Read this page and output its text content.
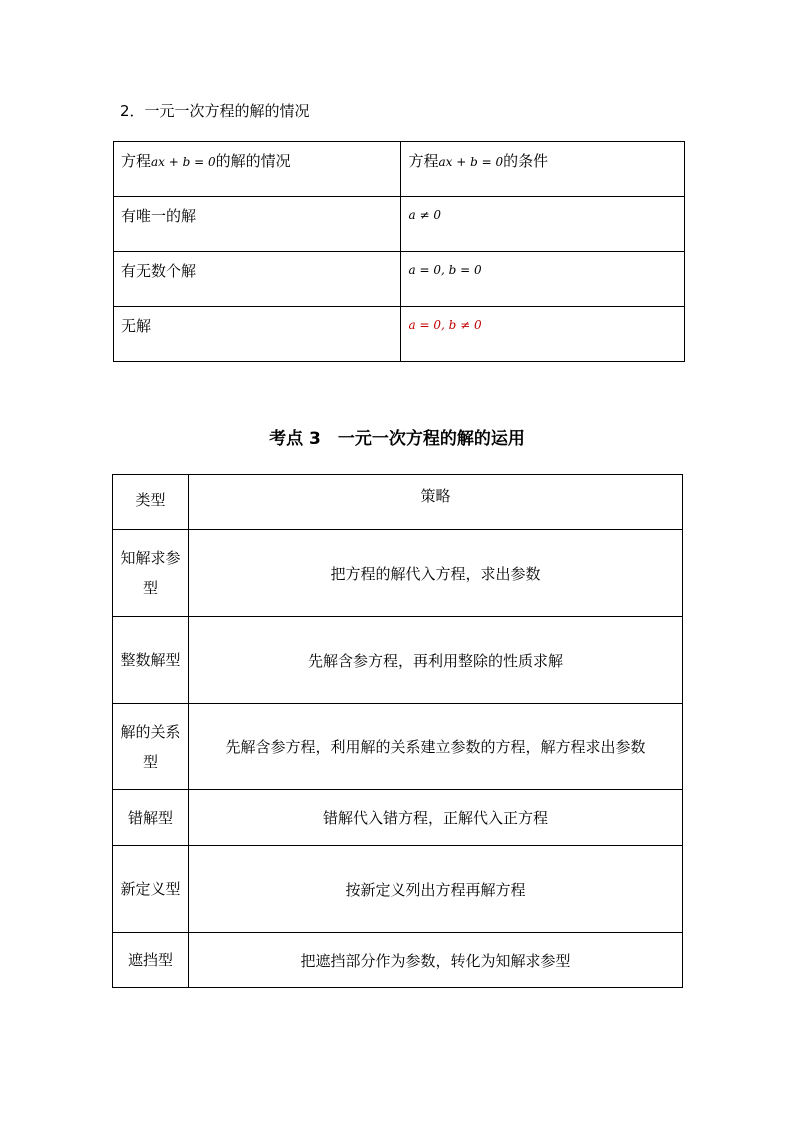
2．一元一次方程的解的情况
方程ax + b = 0的解的情况	方程ax + b = 0的条件
有唯一的解	a ≠ 0
有无数个解	a = 0, b = 0
无解	a = 0, b ≠ 0
考点 3　一元一次方程的解的运用
类型	策略
知解求参型	把方程的解代入方程，求出参数
整数解型	先解含参方程，再利用整除的性质求解
解的关系型	先解含参方程，利用解的关系建立参数的方程，解方程求出参数
错解型	错解代入错方程，正解代入正方程
新定义型	按新定义列出方程再解方程
遮挡型	把遮挡部分作为参数，转化为知解求参型
